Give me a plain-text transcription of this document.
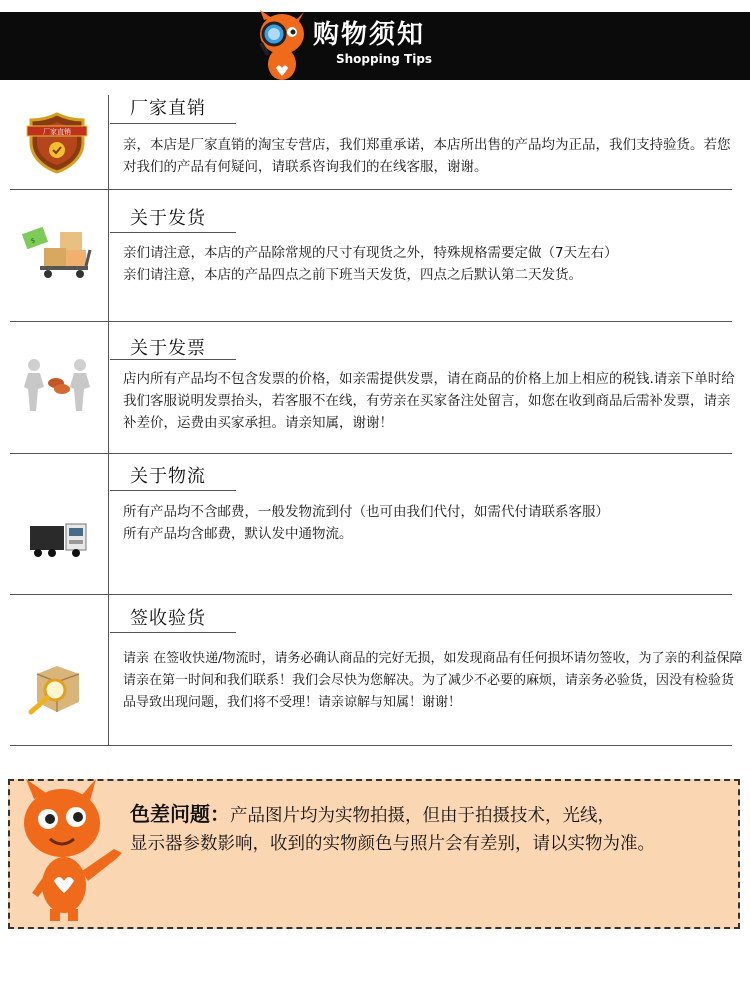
购物须知
Shopping Tips
厂家直销
厂家直销
亲，本店是厂家直销的淘宝专营店，我们郑重承诺，本店所出售的产品均为正品，我们支持验货。若您对我们的产品有何疑问，请联系咨询我们的在线客服，谢谢。
$
关于发货
亲们请注意，本店的产品除常规的尺寸有现货之外，特殊规格需要定做（7天左右）
亲们请注意，本店的产品四点之前下班当天发货，四点之后默认第二天发货。
关于发票
店内所有产品均不包含发票的价格，如亲需提供发票，请在商品的价格上加上相应的税钱.请亲下单时给我们客服说明发票抬头，若客服不在线，有劳亲在买家备注处留言，如您在收到商品后需补发票，请亲补差价，运费由买家承担。请亲知属，谢谢！
关于物流
所有产品均不含邮费，一般发物流到付（也可由我们代付，如需代付请联系客服）
所有产品均含邮费，默认发中通物流。
签收验货
请亲 在签收快递/物流时，请务必确认商品的完好无损，如发现商品有任何损坏请勿签收，为了亲的利益保障请亲在第一时间和我们联系！我们会尽快为您解决。为了减少不必要的麻烦，请亲务必验货，因没有检验货品导致出现问题，我们将不受理！请亲谅解与知属！谢谢！
色差问题：产品图片均为实物拍摄，但由于拍摄技术，光线，
显示器参数影响，收到的实物颜色与照片会有差别，请以实物为准。
